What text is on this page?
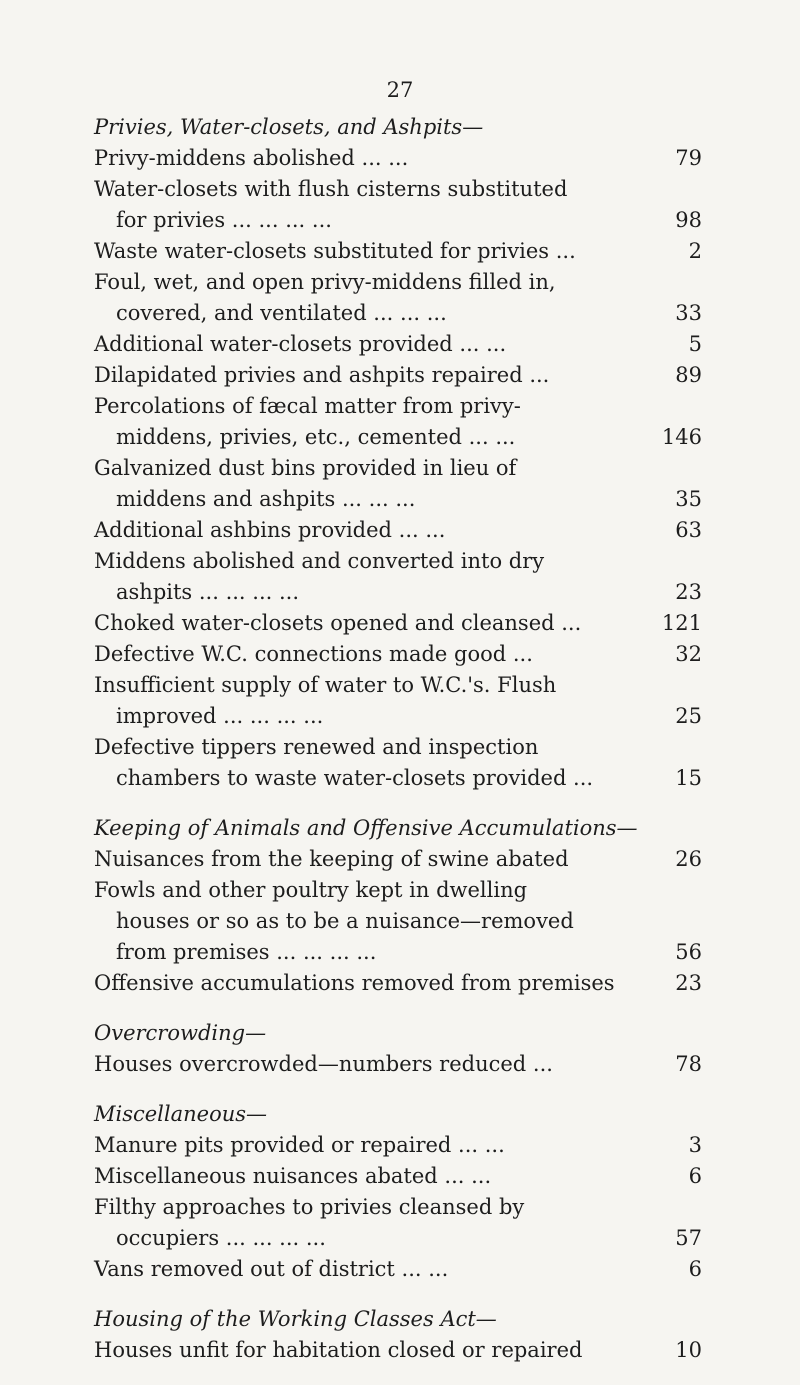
27
Privies, Water-closets, and Ashpits—
Privy-middens abolished ... ...	79
Water-closets with flush cisterns substituted
for privies ... ... ... ...	98
Waste water-closets substituted for privies ...	2
Foul, wet, and open privy-middens filled in,
covered, and ventilated ... ... ...	33
Additional water-closets provided ... ...	5
Dilapidated privies and ashpits repaired ...	89
Percolations of fæcal matter from privy-
middens, privies, etc., cemented ... ...	146
Galvanized dust bins provided in lieu of
middens and ashpits ... ... ...	35
Additional ashbins provided ... ...	63
Middens abolished and converted into dry
ashpits ... ... ... ...	23
Choked water-closets opened and cleansed ...	121
Defective W.C. connections made good ...	32
Insufficient supply of water to W.C.'s. Flush
improved ... ... ... ...	25
Defective tippers renewed and inspection
chambers to waste water-closets provided ...	15
Keeping of Animals and Offensive Accumulations—
Nuisances from the keeping of swine abated	26
Fowls and other poultry kept in dwelling
houses or so as to be a nuisance—removed
from premises ... ... ... ...	56
Offensive accumulations removed from premises	23
Overcrowding—
Houses overcrowded—numbers reduced ...	78
Miscellaneous—
Manure pits provided or repaired ... ...	3
Miscellaneous nuisances abated ... ...	6
Filthy approaches to privies cleansed by
occupiers ... ... ... ...	57
Vans removed out of district ... ...	6
Housing of the Working Classes Act—
Houses unfit for habitation closed or repaired	10
